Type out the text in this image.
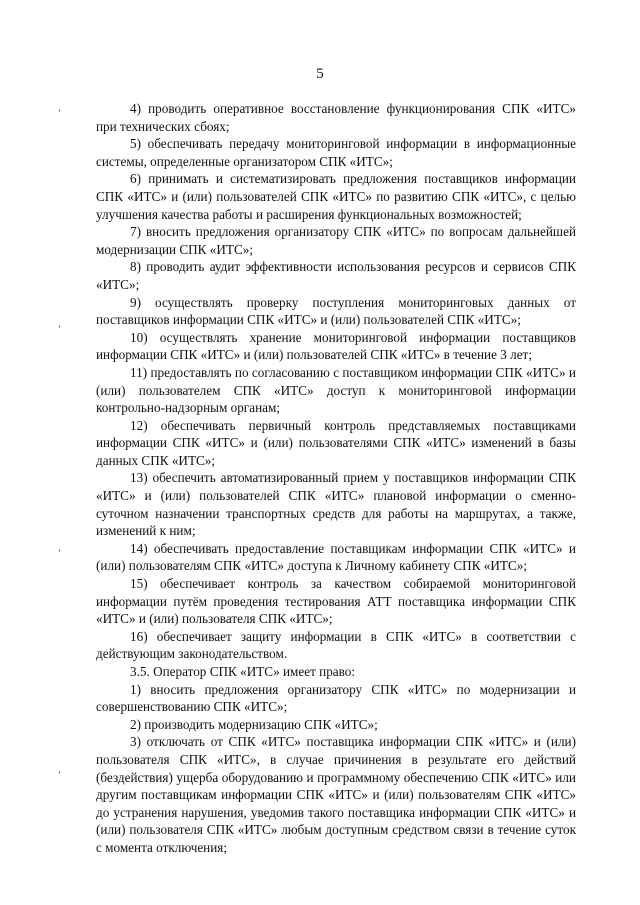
5
ʼ
ʼ
ʼ
ʼ

4) проводить оперативное восстановление функционирования СПК «ИТС» при технических сбоях;

5) обеспечивать передачу мониторинговой информации в информационные системы, определенные организатором СПК «ИТС»;

6) принимать и систематизировать предложения поставщиков информации СПК «ИТС» и (или) пользователей СПК «ИТС» по развитию СПК «ИТС», с целью улучшения качества работы и расширения функциональных возможностей;

7) вносить предложения организатору СПК «ИТС» по вопросам дальнейшей модернизации СПК «ИТС»;

8) проводить аудит эффективности использования ресурсов и сервисов СПК «ИТС»;

9) осуществлять проверку поступления мониторинговых данных от поставщиков информации СПК «ИТС» и (или) пользователей СПК «ИТС»;

10) осуществлять хранение мониторинговой информации поставщиков информации СПК «ИТС» и (или) пользователей СПК «ИТС» в течение 3 лет;

11) предоставлять по согласованию с поставщиком информации СПК «ИТС» и (или) пользователем СПК «ИТС» доступ к мониторинговой информации контрольно-надзорным органам;

12) обеспечивать первичный контроль представляемых поставщиками информации СПК «ИТС» и (или) пользователями СПК «ИТС» изменений в базы данных СПК «ИТС»;

13) обеспечить автоматизированный прием у поставщиков информации СПК «ИТС» и (или) пользователей СПК «ИТС» плановой информации о сменно-суточном назначении транспортных средств для работы на маршрутах, а также, изменений к ним;

14) обеспечивать предоставление поставщикам информации СПК «ИТС» и (или) пользователям СПК «ИТС» доступа к Личному кабинету СПК «ИТС»;

15) обеспечивает контроль за качеством собираемой мониторинговой информации путём проведения тестирования АТТ поставщика информации СПК «ИТС» и (или) пользователя СПК «ИТС»;

16) обеспечивает защиту информации в СПК «ИТС» в соответствии с действующим законодательством.

3.5. Оператор СПК «ИТС» имеет право:

1) вносить предложения организатору СПК «ИТС» по модернизации и совершенствованию СПК «ИТС»;

2) производить модернизацию СПК «ИТС»;

3) отключать от СПК «ИТС» поставщика информации СПК «ИТС» и (или) пользователя СПК «ИТС», в случае причинения в результате его действий (бездействия) ущерба оборудованию и программному обеспечению СПК «ИТС» или другим поставщикам информации СПК «ИТС» и (или) пользователям СПК «ИТС» до устранения нарушения, уведомив такого поставщика информации СПК «ИТС» и (или) пользователя СПК «ИТС» любым доступным средством связи в течение суток с момента отключения;
